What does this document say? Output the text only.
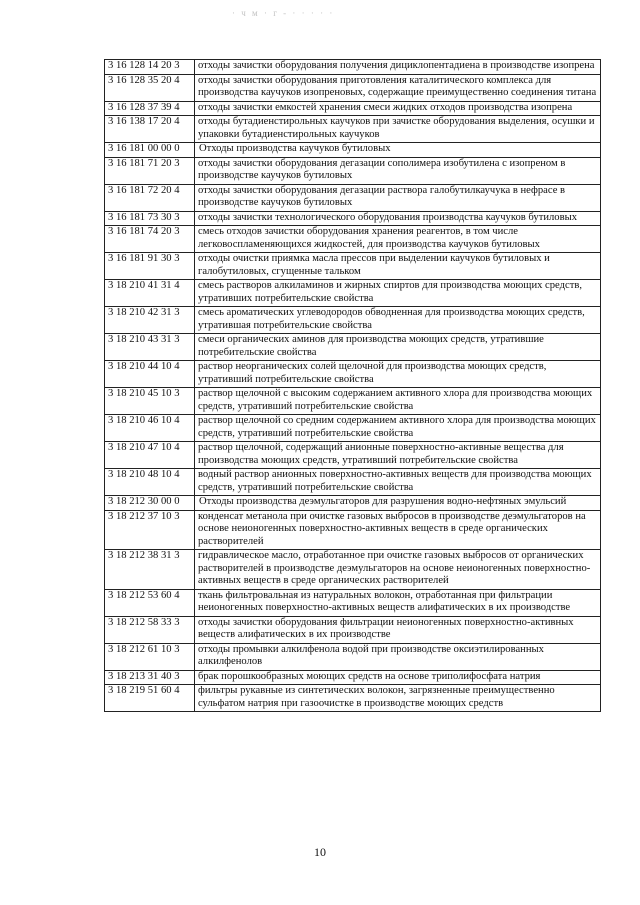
· ч м · г - · · · · ·
3 16 128 14 20 3	отходы зачистки оборудования получения дициклопентадиена в производстве изопрена
3 16 128 35 20 4	отходы зачистки оборудования приготовления каталитического комплекса для производства каучуков изопреновых, содержащие преимущественно соединения титана
3 16 128 37 39 4	отходы зачистки емкостей хранения смеси жидких отходов производства изопрена
3 16 138 17 20 4	отходы бутадиенстирольных каучуков при зачистке оборудования выделения, осушки и упаковки бутадиенстирольных каучуков
3 16 181 00 00 0	Отходы производства каучуков бутиловых
3 16 181 71 20 3	отходы зачистки оборудования дегазации сополимера изобутилена с изопреном в производстве каучуков бутиловых
3 16 181 72 20 4	отходы зачистки оборудования дегазации раствора галобутилкаучука в нефрасе в производстве каучуков бутиловых
3 16 181 73 30 3	отходы зачистки технологического оборудования производства каучуков бутиловых
3 16 181 74 20 3	смесь отходов зачистки оборудования хранения реагентов, в том числе легковоспламеняющихся жидкостей, для производства каучуков бутиловых
3 16 181 91 30 3	отходы очистки приямка масла прессов при выделении каучуков бутиловых и галобутиловых, сгущенные тальком
3 18 210 41 31 4	смесь растворов алкиламинов и жирных спиртов для производства моющих средств, утративших потребительские свойства
3 18 210 42 31 3	смесь ароматических углеводородов обводненная для производства моющих средств, утратившая потребительские свойства
3 18 210 43 31 3	смеси органических аминов для производства моющих средств, утратившие потребительские свойства
3 18 210 44 10 4	раствор неорганических солей щелочной для производства моющих средств, утративший потребительские свойства
3 18 210 45 10 3	раствор щелочной с высоким содержанием активного хлора для производства моющих средств, утративший потребительские свойства
3 18 210 46 10 4	раствор щелочной со средним содержанием активного хлора для производства моющих средств, утративший потребительские свойства
3 18 210 47 10 4	раствор щелочной, содержащий анионные поверхностно-активные вещества для производства моющих средств, утративший потребительские свойства
3 18 210 48 10 4	водный раствор анионных поверхностно-активных веществ для производства моющих средств, утративший потребительские свойства
3 18 212 30 00 0	Отходы производства деэмульгаторов для разрушения водно-нефтяных эмульсий
3 18 212 37 10 3	конденсат метанола при очистке газовых выбросов в производстве деэмульгаторов на основе неионогенных поверхностно-активных веществ в среде органических растворителей
3 18 212 38 31 3	гидравлическое масло, отработанное при очистке газовых выбросов от органических растворителей в производстве деэмульгаторов на основе неионогенных поверхностно-активных веществ в среде органических растворителей
3 18 212 53 60 4	ткань фильтровальная из натуральных волокон, отработанная при фильтрации неионогенных поверхностно-активных веществ алифатических в их производстве
3 18 212 58 33 3	отходы зачистки оборудования фильтрации неионогенных поверхностно-активных веществ алифатических в их производстве
3 18 212 61 10 3	отходы промывки алкилфенола водой при производстве оксиэтилированных алкилфенолов
3 18 213 31 40 3	брак порошкообразных моющих средств на основе триполифосфата натрия
3 18 219 51 60 4	фильтры рукавные из синтетических волокон, загрязненные преимущественно сульфатом натрия при газоочистке в производстве моющих средств
10
